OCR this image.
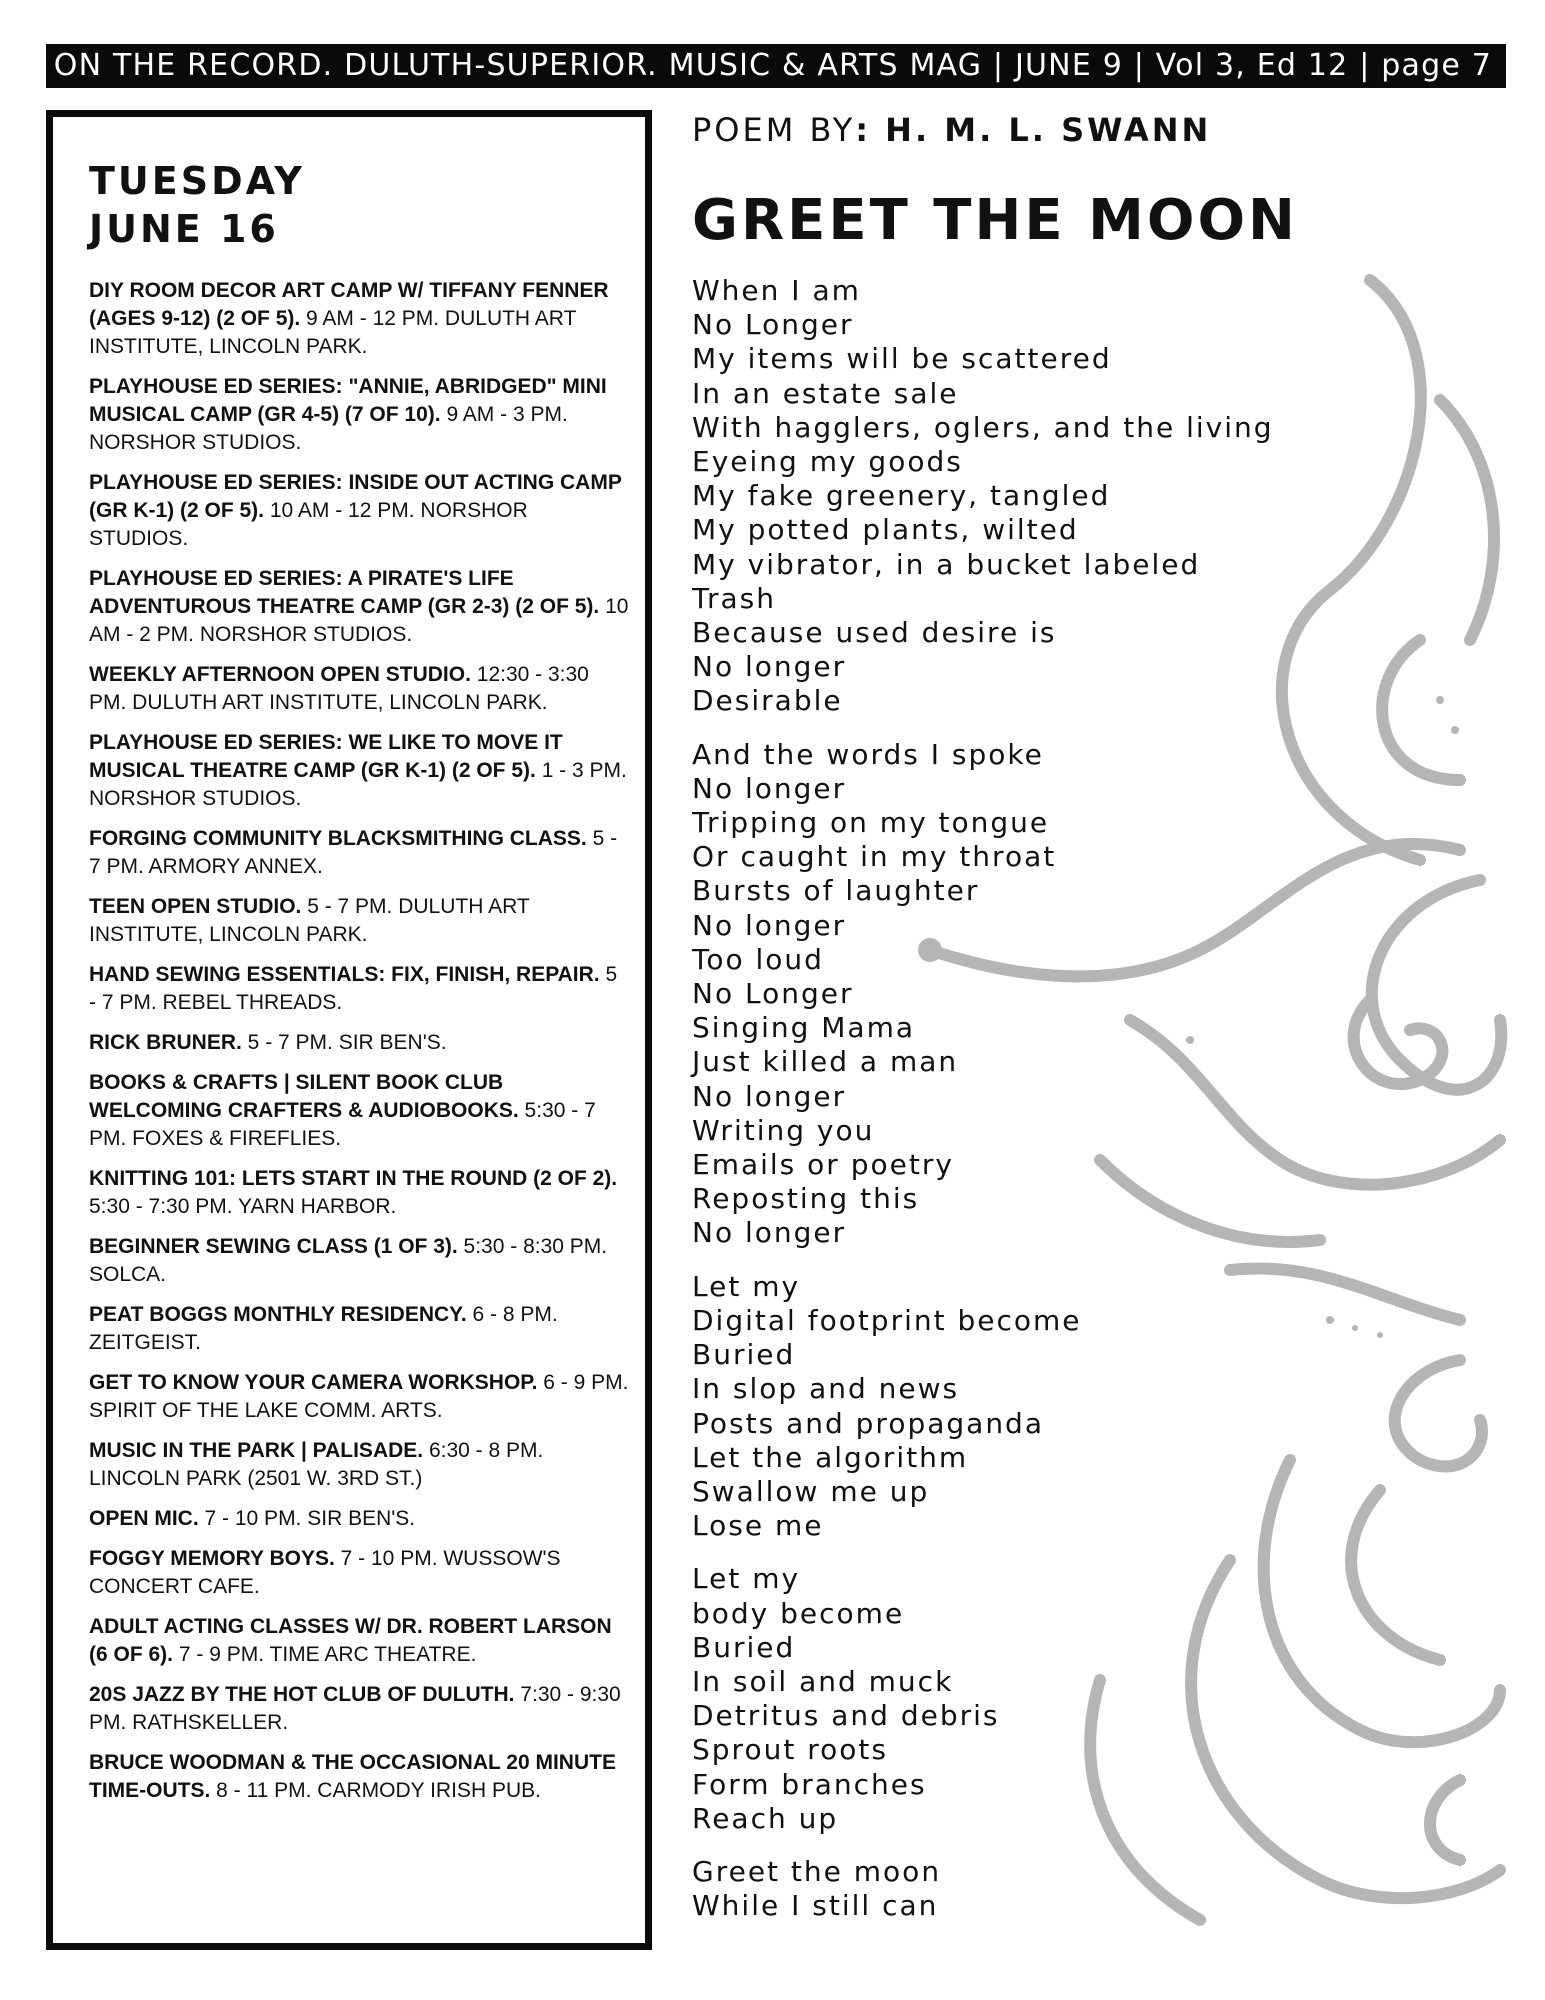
ON THE RECORD. DULUTH-SUPERIOR. MUSIC & ARTS MAG | JUNE 9 | Vol 3, Ed 12 | page 7
TUESDAY
JUNE 16
DIY ROOM DECOR ART CAMP W/ TIFFANY FENNER (AGES 9-12) (2 OF 5). 9 AM - 12 PM. DULUTH ART INSTITUTE, LINCOLN PARK.
PLAYHOUSE ED SERIES: "ANNIE, ABRIDGED" MINI MUSICAL CAMP (GR 4-5) (7 OF 10). 9 AM - 3 PM. NORSHOR STUDIOS.
PLAYHOUSE ED SERIES: INSIDE OUT ACTING CAMP (GR K-1) (2 OF 5). 10 AM - 12 PM. NORSHOR STUDIOS.
PLAYHOUSE ED SERIES: A PIRATE'S LIFE ADVENTUROUS THEATRE CAMP (GR 2-3) (2 OF 5). 10 AM - 2 PM. NORSHOR STUDIOS.
WEEKLY AFTERNOON OPEN STUDIO. 12:30 - 3:30 PM. DULUTH ART INSTITUTE, LINCOLN PARK.
PLAYHOUSE ED SERIES: WE LIKE TO MOVE IT MUSICAL THEATRE CAMP (GR K-1) (2 OF 5). 1 - 3 PM. NORSHOR STUDIOS.
FORGING COMMUNITY BLACKSMITHING CLASS. 5 - 7 PM. ARMORY ANNEX.
TEEN OPEN STUDIO. 5 - 7 PM. DULUTH ART INSTITUTE, LINCOLN PARK.
HAND SEWING ESSENTIALS: FIX, FINISH, REPAIR. 5 - 7 PM. REBEL THREADS.
RICK BRUNER. 5 - 7 PM. SIR BEN'S.
BOOKS & CRAFTS | SILENT BOOK CLUB WELCOMING CRAFTERS & AUDIOBOOKS. 5:30 - 7 PM. FOXES & FIREFLIES.
KNITTING 101: LETS START IN THE ROUND (2 OF 2). 5:30 - 7:30 PM. YARN HARBOR.
BEGINNER SEWING CLASS (1 OF 3). 5:30 - 8:30 PM. SOLCA.
PEAT BOGGS MONTHLY RESIDENCY. 6 - 8 PM. ZEITGEIST.
GET TO KNOW YOUR CAMERA WORKSHOP. 6 - 9 PM. SPIRIT OF THE LAKE COMM. ARTS.
MUSIC IN THE PARK | PALISADE. 6:30 - 8 PM. LINCOLN PARK (2501 W. 3RD ST.)
OPEN MIC. 7 - 10 PM. SIR BEN'S.
FOGGY MEMORY BOYS. 7 - 10 PM. WUSSOW'S CONCERT CAFE.
ADULT ACTING CLASSES W/ DR. ROBERT LARSON (6 OF 6). 7 - 9 PM. TIME ARC THEATRE.
20S JAZZ BY THE HOT CLUB OF DULUTH. 7:30 - 9:30 PM. RATHSKELLER.
BRUCE WOODMAN & THE OCCASIONAL 20 MINUTE TIME-OUTS. 8 - 11 PM. CARMODY IRISH PUB.
POEM BY: H. M. L. SWANN
GREET THE MOON
When I am
No Longer
My items will be scattered
In an estate sale
With hagglers, oglers, and the living
Eyeing my goods
My fake greenery, tangled
My potted plants, wilted
My vibrator, in a bucket labeled
Trash
Because used desire is
No longer
Desirable
And the words I spoke
No longer
Tripping on my tongue
Or caught in my throat
Bursts of laughter
No longer
Too loud
No Longer
Singing Mama
Just killed a man
No longer
Writing you
Emails or poetry
Reposting this
No longer
Let my
Digital footprint become
Buried
In slop and news
Posts and propaganda
Let the algorithm
Swallow me up
Lose me
Let my
body become
Buried
In soil and muck
Detritus and debris
Sprout roots
Form branches
Reach up
Greet the moon
While I still can
